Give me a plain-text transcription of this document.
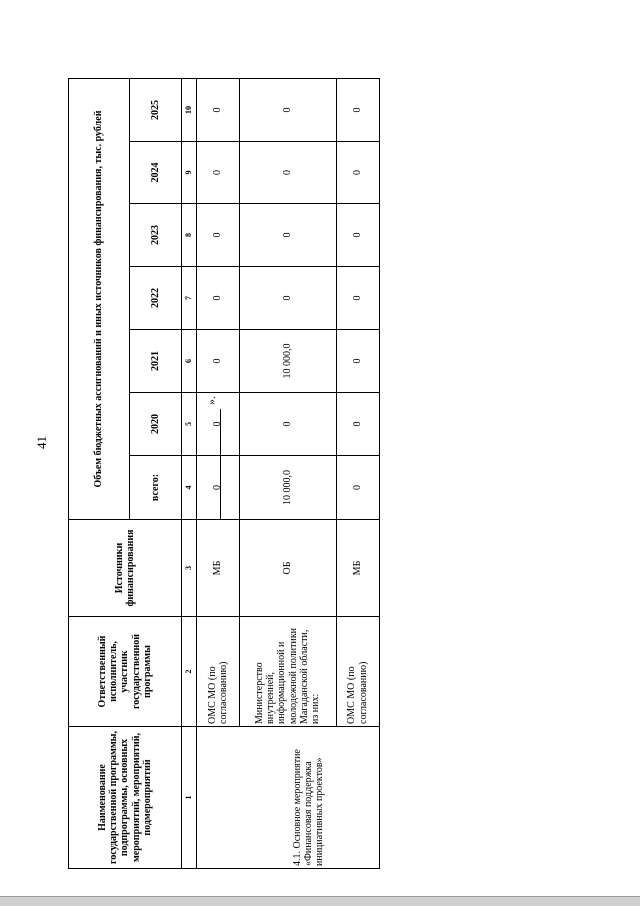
41
Наименование государственной программы, подпрограммы, основных мероприятий, мероприятий, подмероприятий	Ответственный исполнитель, участник государственной программы	Источники финансирования	Объем бюджетных ассигнований и иных источников финансирования, тыс. рублей						
			всего:	2020	2021	2022	2023	2024	2025
1	2	3	4	5	6	7	8	9	10
	ОМС МО (по согласованию)	МБ	0	0	0	0	0	0	0
4.1. Основное мероприятие «Финансовая поддержка инициативных проектов»	Министерство внутренней, информационной и молодежной политики Магаданской области, из них:	ОБ	10 000,0	0	10 000,0	0	0	0	0
	ОМС МО (по согласованию)	МБ	0	0	0	0	0	0	0
».
